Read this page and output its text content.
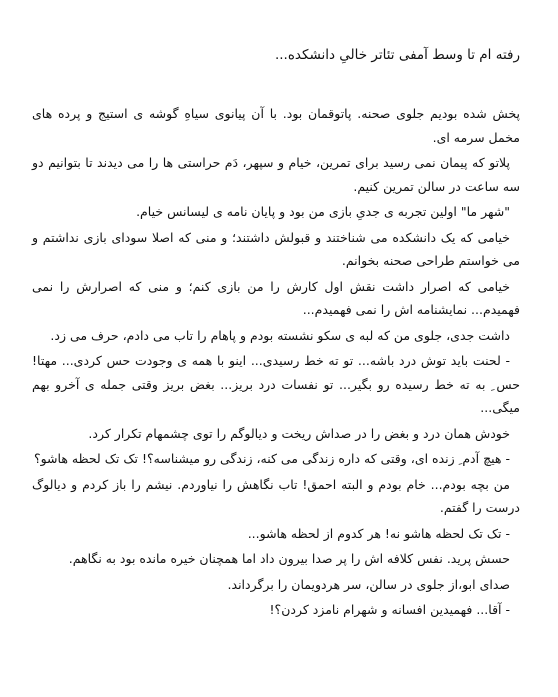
رفته ام تا وسط آمفی تئاتر خالیِ دانشکده...

پخش شده بودیم جلوی صحنه. پاتوقمان بود. با آن پیانوی سیاهِ گوشه ی استیج و پرده های مخمل سرمه ای.

پلاتو که پیمان نمی رسید برای تمرین، خیام و سپهر، دَم حراستی ها را می دیدند تا بتوانیم دو سه ساعت در سالن تمرین کنیم.

"شهر ما" اولین تجربه ی جدیِ بازی من بود و پایان نامه ی لیسانس خیام.

خیامی که یک دانشکده می شناختند و قبولش داشتند؛ و منی که اصلا سودای بازی نداشتم و می خواستم طراحی صحنه بخوانم.

خیامی که اصرار داشت نقش اول کارش را من بازی کنم؛ و منی که اصرارش را نمی فهمیدم... نمایشنامه اش را نمی فهمیدم...

داشت جدی، جلوی من که لبه ی سکو نشسته بودم و پاهام را تاب می دادم، حرف می زد.

- لحنت باید توش درد باشه... تو ته خط رسیدی... اینو با همه ی وجودت حس کردی... مهتا! حس ِ به ته خط رسیده رو بگیر... تو نفسات درد بریز... بغض بریز وقتی جمله ی آخرو بهم میگی...

خودش همان درد و بغض را در صداش ریخت و دیالوگم را توی چشمهام تکرار کرد.

- هیچ آدم ِ زنده ای، وقتی که داره زندگی می کنه، زندگی رو میشناسه؟! تک تک لحظه هاشو؟

من بچه بودم... خام بودم و البته احمق! تاب نگاهش را نیاوردم. نیشم را باز کردم و دیالوگ درست را گفتم.

- تک تک لحظه هاشو نه! هر کدوم از لحظه هاشو...

حسش پرید. نفس کلافه اش را پر صدا بیرون داد اما همچنان خیره مانده بود به نگاهم.

صدای ابو،از جلوی در سالن، سر هردویمان را برگرداند.

- آقا... فهمیدین افسانه و شهرام نامزد کردن؟!
